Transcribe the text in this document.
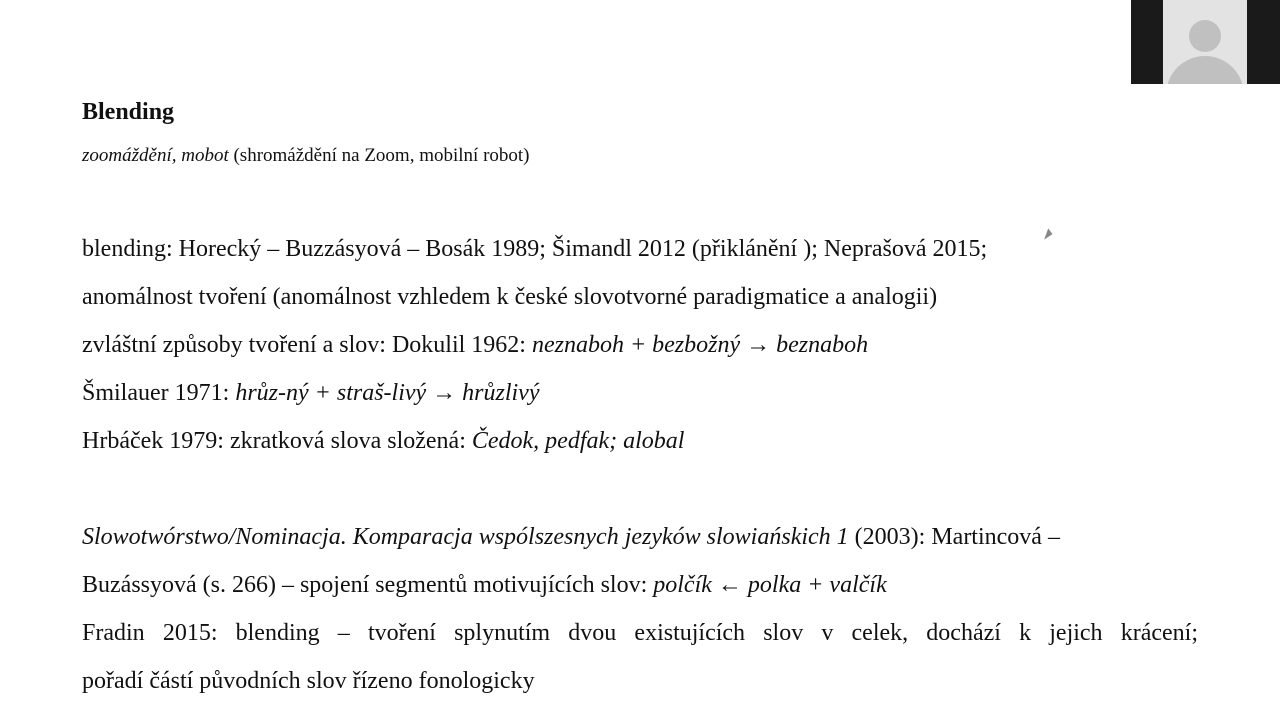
Blending
zoomáždění, mobot (shromáždění na Zoom, mobilní robot)
blending: Horecký – Buzzásyová – Bosák 1989; Šimandl 2012 (přiklánění ); Neprašová 2015;
anomálnost tvoření (anomálnost vzhledem k české slovotvorné paradigmatice a analogii)
zvláštní způsoby tvoření a slov: Dokulil 1962: neznaboh + bezbožný → beznaboh
Šmilauer 1971: hrůz-ný + straš-livý → hrůzlivý
Hrbáček 1979: zkratková slova složená: Čedok, pedfak; alobal
Slowotwórstwo/Nominacja. Komparacja wspólszesnych jezyków slowiańskich 1 (2003): Martincová –
Buzássyová (s. 266) – spojení segmentů motivujících slov: polčík ← polka + valčík
Fradin 2015: blending – tvoření splynutím dvou existujících slov v celek, dochází k jejich krácení;
pořadí částí původních slov řízeno fonologicky
